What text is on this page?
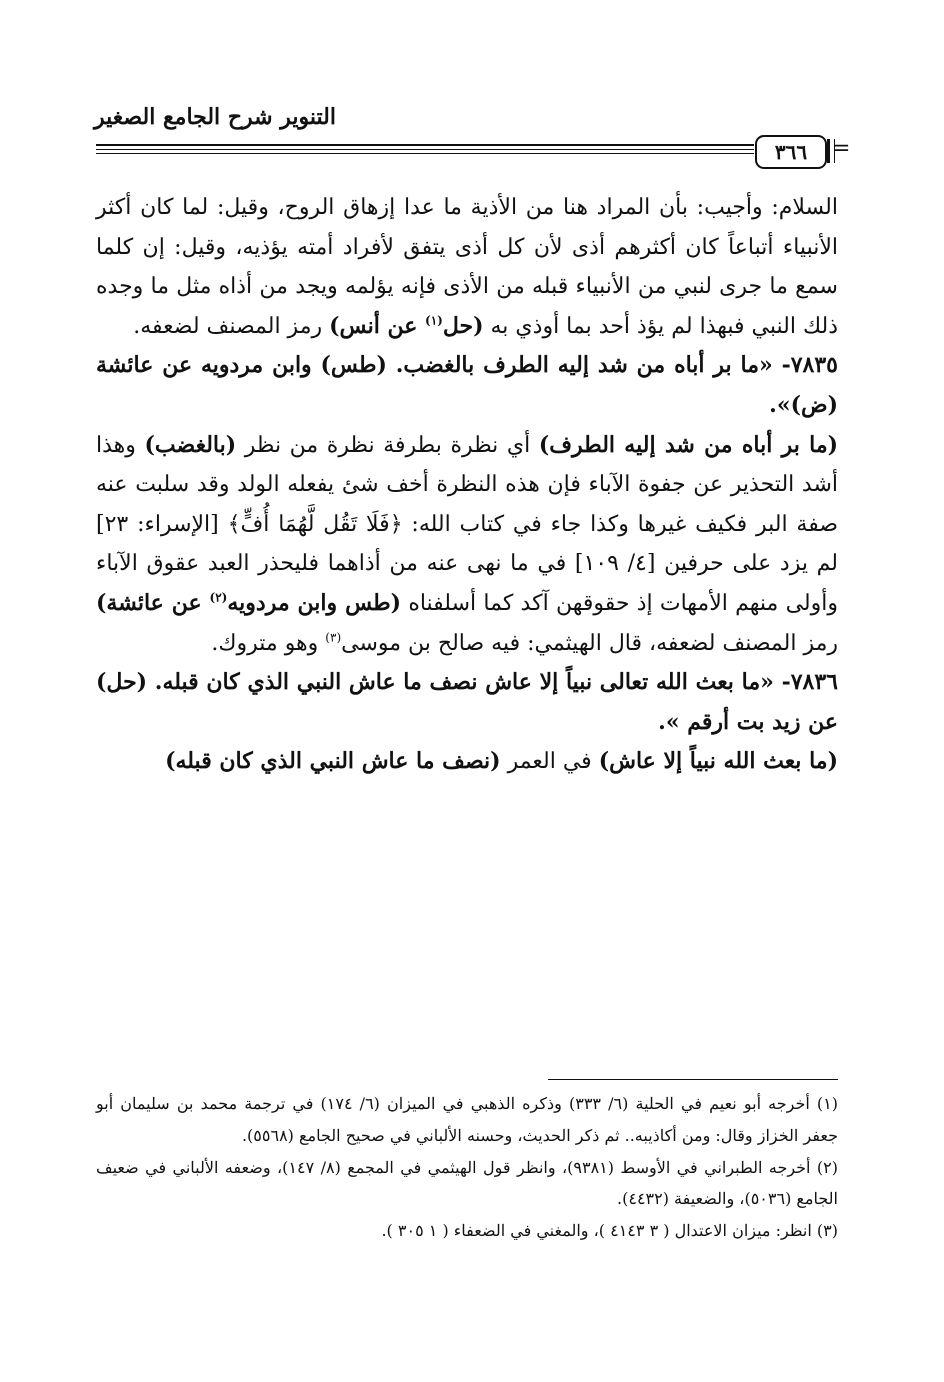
التنوير شرح الجامع الصغير
٣٦٦	=

السلام: وأجيب: بأن المراد هنا من الأذية ما عدا إزهاق الروح، وقيل: لما كان أكثر الأنبياء أتباعاً كان أكثرهم أذى لأن كل أذى يتفق لأفراد أمته يؤذيه، وقيل: إن كلما سمع ما جرى لنبي من الأنبياء قبله من الأذى فإنه يؤلمه ويجد من أذاه مثل ما وجده ذلك النبي فبهذا لم يؤذ أحد بما أوذي به (حل$^{(١)}$ عن أنس) رمز المصنف لضعفه.

٧٨٣٥- «ما بر أباه من شد إليه الطرف بالغضب. (طس) وابن مردويه عن عائشة (ض)».

(ما بر أباه من شد إليه الطرف) أي نظرة بطرفة نظرة من نظر (بالغضب) وهذا أشد التحذير عن جفوة الآباء فإن هذه النظرة أخف شئ يفعله الولد وقد سلبت عنه صفة البر فكيف غيرها وكذا جاء في كتاب الله: ﴿فَلَا تَقُل لَّهُمَا أُفٍّ﴾ [الإسراء: ٢٣] لم يزد على حرفين [٤/ ١٠٩] في ما نهى عنه من أذاهما فليحذر العبد عقوق الآباء وأولى منهم الأمهات إذ حقوقهن آكد كما أسلفناه (طس وابن مردويه$^{(٢)}$ عن عائشة) رمز المصنف لضعفه، قال الهيثمي: فيه صالح بن موسى$^{(٣)}$ وهو متروك.

٧٨٣٦- «ما بعث الله تعالى نبياً إلا عاش نصف ما عاش النبي الذي كان قبله. (حل) عن زيد بت أرقم ».

(ما بعث الله نبياً إلا عاش) في العمر (نصف ما عاش النبي الذي كان قبله)

(١) أخرجه أبو نعيم في الحلية (٦/ ٣٣٣) وذكره الذهبي في الميزان (٦/ ١٧٤) في ترجمة محمد بن سليمان أبو جعفر الخزاز وقال: ومن أكاذيبه.. ثم ذكر الحديث، وحسنه الألباني في صحيح الجامع (٥٥٦٨).

(٢) أخرجه الطبراني في الأوسط (٩٣٨١)، وانظر قول الهيثمي في المجمع (٨/ ١٤٧)، وضعفه الألباني في ضعيف الجامع (٥٠٣٦)، والضعيفة (٤٤٣٢).

(٣) انظر: ميزان الاعتدال ( ٣ ٤١٤٣ )، والمغني في الضعفاء ( ١ ٣٠٥ ).
